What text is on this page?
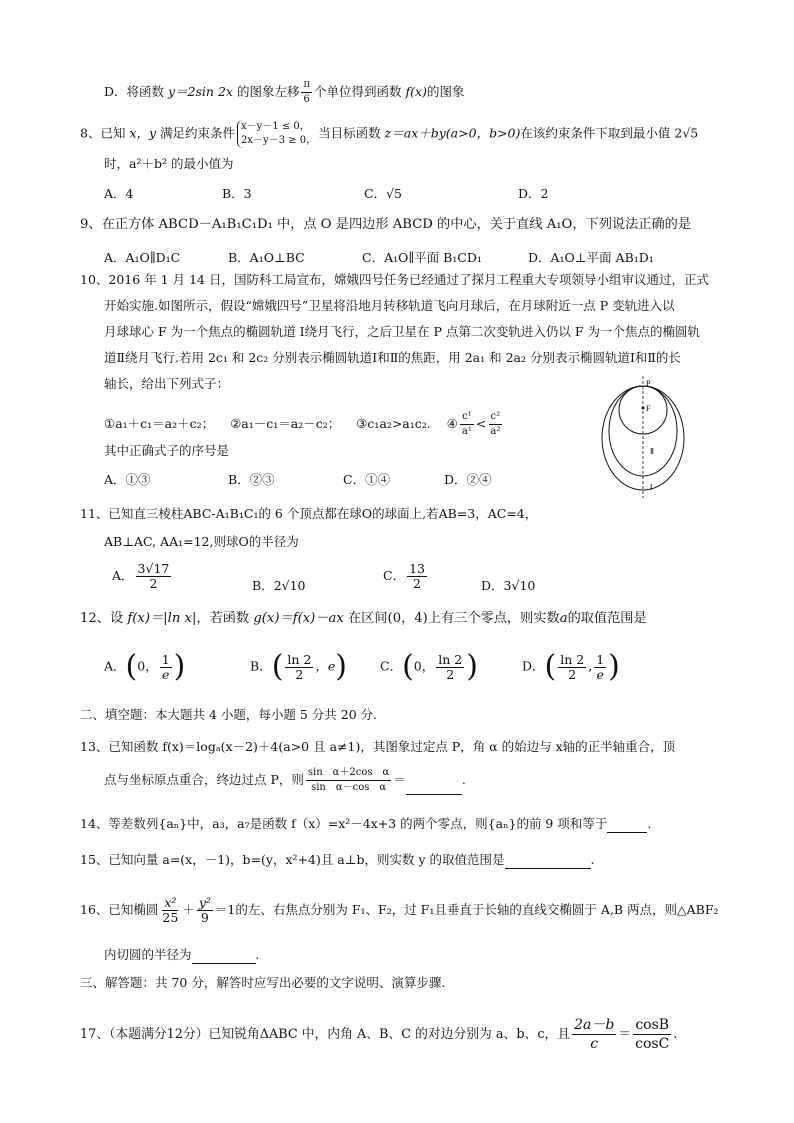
D．将函数 y＝2sin 2x 的图象左移 $\frac{\pi}{6}$ 个单位得到函数 f(x)的图象
8、已知 x，y 满足约束条件 x－y－1 ≤ 0，
2x－y－3 ≥ 0， 当目标函数 z＝ax＋by(a>0，b>0)在该约束条件下取到最小值 2√5
时，a²＋b² 的最小值为
A．4	B．3	C．√5	D．2
9、在正方体 ABCD－A₁B₁C₁D₁ 中，点 O 是四边形 ABCD 的中心，关于直线 A₁O，下列说法正确的是
A．A₁O∥D₁C	B．A₁O⊥BC	C．A₁O∥平面 B₁CD₁	D．A₁O⊥平面 AB₁D₁
10、2016 年 1 月 14 日，国防科工局宣布，嫦娥四号任务已经通过了探月工程重大专项领导小组审议通过，正式
开始实施.如图所示，假设“嫦娥四号”卫星将沿地月转移轨道飞向月球后，在月球附近一点 P 变轨进入以
月球球心 F 为一个焦点的椭圆轨道 Ⅰ绕月飞行，之后卫星在 P 点第二次变轨进入仍以 F 为一个焦点的椭圆轨
道Ⅱ绕月飞行.若用 2c₁ 和 2c₂ 分别表示椭圆轨道Ⅰ和Ⅱ的焦距，用 2a₁ 和 2a₂ 分别表示椭圆轨道Ⅰ和Ⅱ的长
轴长，给出下列式子：
①a₁＋c₁＝a₂＋c₂； ②a₁－c₁＝a₂－c₂； ③c₁a₂>a₁c₂. ④ $\frac{\text{c¹}}{\text{a¹}} < \frac{\text{c²}}{\text{a²}}$
其中正确式子的序号是
A．①③	B．②③	C．①④	D．②④
P
F
Ⅱ
Ⅰ
11、已知直三棱柱ABC-A₁B₁C₁的 6 个顶点都在球O的球面上,若AB=3，AC=4，
AB⊥AC, AA₁=12,则球O的半径为
A． $\frac{3√17}{2}$	B．2√10
C． $\frac{13}{2}$	D．3√10
12、设 f(x)＝|ln x|，若函数 g(x)＝f(x)－ax 在区间(0，4)上有三个零点，则实数a的取值范围是
A．(0， $\frac{1}{e}$ )	B．( $\frac{\ln 2}{2}$ ，e)	C．(0， $\frac{\ln 2}{2}$ )	D．( $\frac{\ln 2}{2}$ , $\frac{1}{e}$ )
二、填空题：本大题共 4 小题，每小题 5 分共 20 分.
13、已知函数 f(x)＝logₐ(x－2)＋4(a>0 且 a≠1)，其图象过定点 P，角 α 的始边与 x轴的正半轴重合，顶
点与坐标原点重合，终边过点 P，则 $\frac{\text{sin　α＋2cos　α}}{\text{sin　α－cos　α}}$ ＝	.
14、等差数列{aₙ}中，a₃，a₇是函数 f（x）=x²－4x+3 的两个零点，则{aₙ}的前 9 项和等于	.
15、已知向量 a=(x，－1)，b=(y，x²+4)且 a⊥b，则实数 y 的取值范围是	.
16、已知椭圆 $\frac{\text{x²}}{25} + \frac{\text{y²}}{9} =1$的左、右焦点分别为 F₁、F₂，过 F₁且垂直于长轴的直线交椭圆于 A,B 两点，则△ABF₂
内切圆的半径为	.
三、解答题：共 70 分，解答时应写出必要的文字说明、演算步骤.
17、（本题满分12分）已知锐角ΔABC 中，内角 A、B、C 的对边分别为 a、b、c，且 $\frac{2a-b}{c} = \frac{\cos B}{\cos C}$ .
